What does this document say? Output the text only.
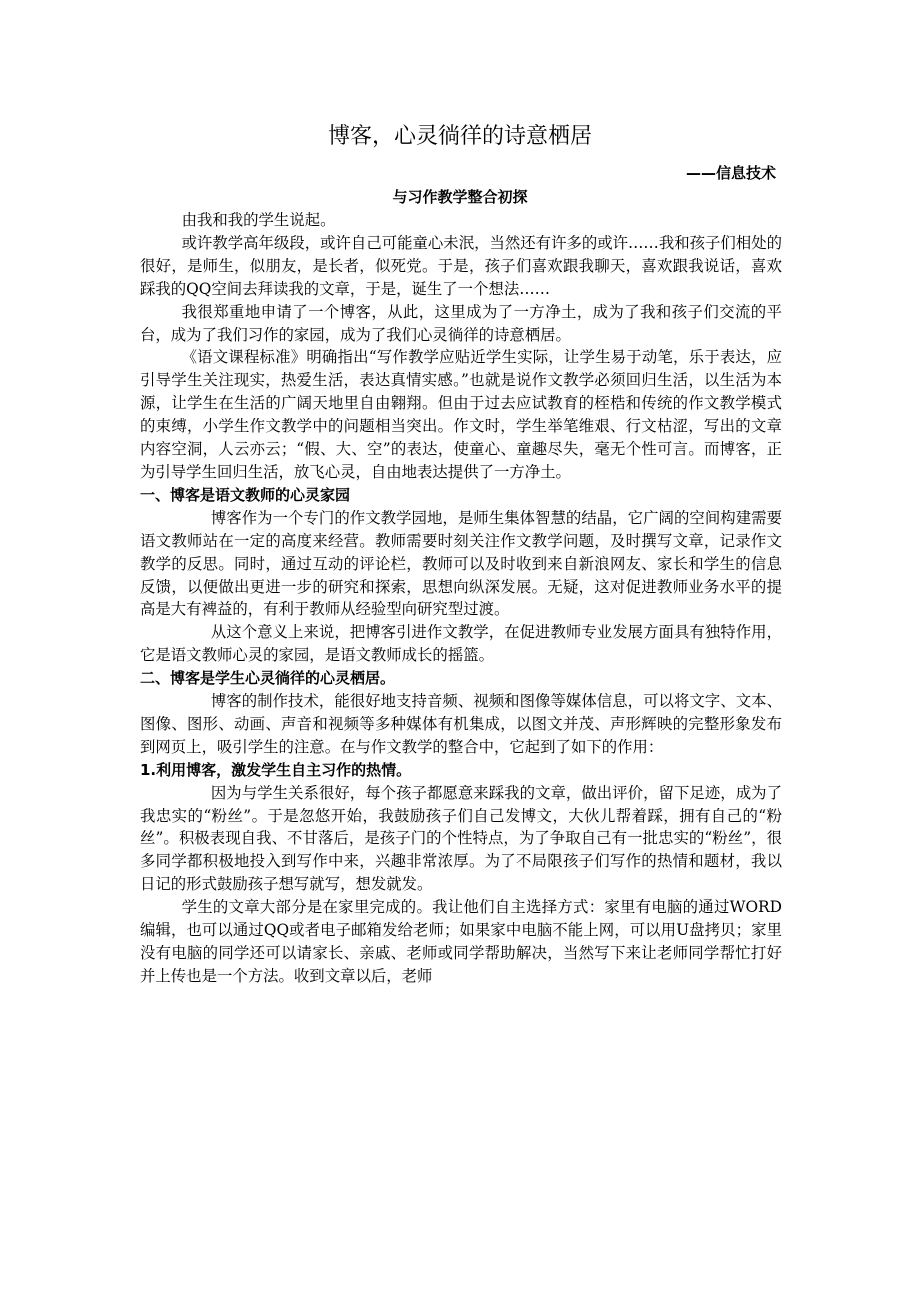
博客，心灵徜徉的诗意栖居
——信息技术
与习作教学整合初探

由我和我的学生说起。

或许教学高年级段，或许自己可能童心未泯，当然还有许多的或许……我和孩子们相处的很好，是师生，似朋友，是长者，似死党。于是，孩子们喜欢跟我聊天，喜欢跟我说话，喜欢踩我的QQ空间去拜读我的文章，于是，诞生了一个想法……

我很郑重地申请了一个博客，从此，这里成为了一方净土，成为了我和孩子们交流的平台，成为了我们习作的家园，成为了我们心灵徜徉的诗意栖居。

《语文课程标准》明确指出“写作教学应贴近学生实际，让学生易于动笔，乐于表达，应引导学生关注现实，热爱生活，表达真情实感。”也就是说作文教学必须回归生活，以生活为本源，让学生在生活的广阔天地里自由翱翔。但由于过去应试教育的桎梏和传统的作文教学模式的束缚，小学生作文教学中的问题相当突出。作文时，学生举笔维艰、行文枯涩，写出的文章内容空洞，人云亦云；“假、大、空”的表达，使童心、童趣尽失，毫无个性可言。而博客，正为引导学生回归生活，放飞心灵，自由地表达提供了一方净土。

一、博客是语文教师的心灵家园

博客作为一个专门的作文教学园地，是师生集体智慧的结晶，它广阔的空间构建需要语文教师站在一定的高度来经营。教师需要时刻关注作文教学问题，及时撰写文章，记录作文教学的反思。同时，通过互动的评论栏，教师可以及时收到来自新浪网友、家长和学生的信息反馈，以便做出更进一步的研究和探索，思想向纵深发展。无疑，这对促进教师业务水平的提高是大有裨益的，有利于教师从经验型向研究型过渡。

从这个意义上来说，把博客引进作文教学，在促进教师专业发展方面具有独特作用，它是语文教师心灵的家园，是语文教师成长的摇篮。

二、博客是学生心灵徜徉的心灵栖居。

博客的制作技术，能很好地支持音频、视频和图像等媒体信息，可以将文字、文本、图像、图形、动画、声音和视频等多种媒体有机集成，以图文并茂、声形辉映的完整形象发布到网页上，吸引学生的注意。在与作文教学的整合中，它起到了如下的作用：

1.利用博客，激发学生自主习作的热情。

因为与学生关系很好，每个孩子都愿意来踩我的文章，做出评价，留下足迹，成为了我忠实的“粉丝”。于是忽悠开始，我鼓励孩子们自己发博文，大伙儿帮着踩，拥有自己的“粉丝”。积极表现自我、不甘落后，是孩子门的个性特点，为了争取自己有一批忠实的“粉丝”，很多同学都积极地投入到写作中来，兴趣非常浓厚。为了不局限孩子们写作的热情和题材，我以日记的形式鼓励孩子想写就写，想发就发。

学生的文章大部分是在家里完成的。我让他们自主选择方式：家里有电脑的通过WORD编辑，也可以通过QQ或者电子邮箱发给老师；如果家中电脑不能上网，可以用U盘拷贝；家里没有电脑的同学还可以请家长、亲戚、老师或同学帮助解决，当然写下来让老师同学帮忙打好并上传也是一个方法。收到文章以后，老师
